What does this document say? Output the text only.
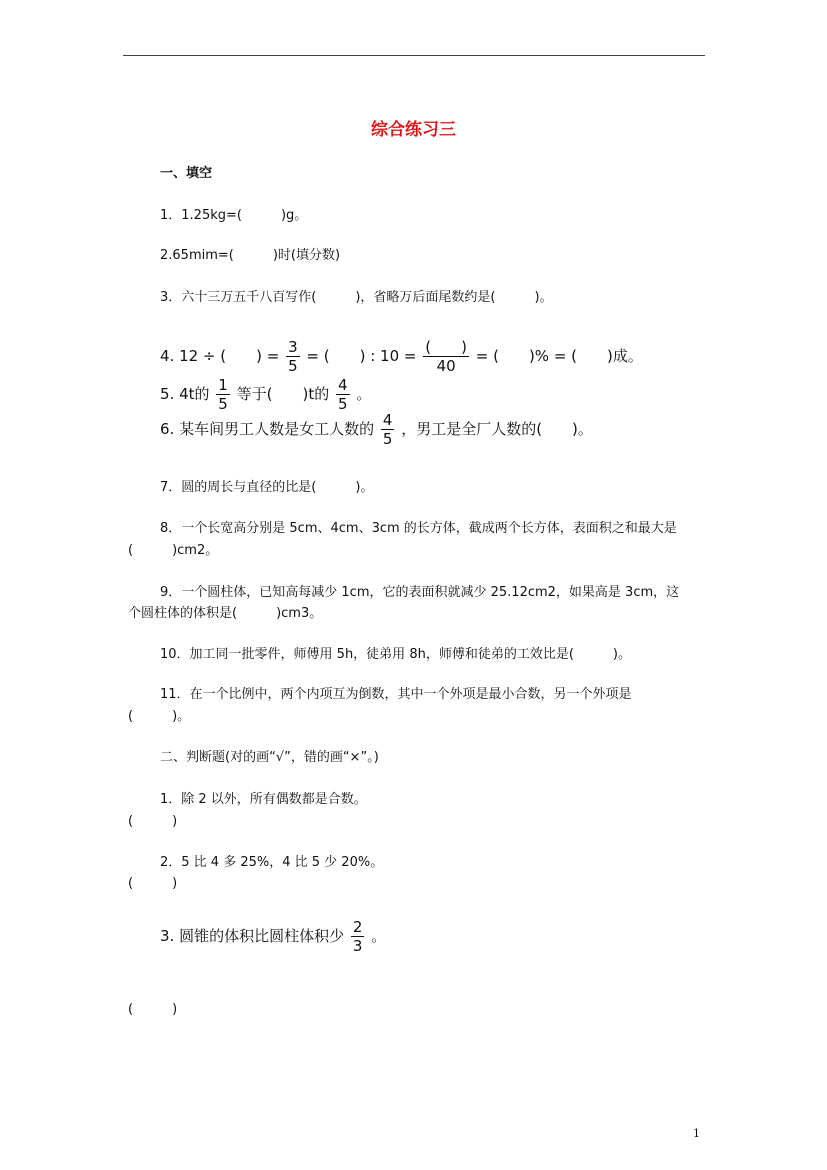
综合练习三
一、填空
1．1.25kg=(　　　)g。
2.65mim=(　　　)时(填分数)
3．六十三万五千八百写作(　　　)，省略万后面尾数约是(　　　)。
4. 12 ÷ (　　) = $\frac{3}{5}$ = (　　) : $10 = \frac{( )}{40}$ = (　　)% = (　　)成。
5. 4t的 $\frac{1}{5}$ 等于(　　)t的 $\frac{4}{5}$ 。
6. 某车间男工人数是女工人数的 $\frac{4}{5}$ ，男工是全厂人数的(　　)。
7．圆的周长与直径的比是(　　　)。
8．一个长宽高分别是 5cm、4cm、3cm 的长方体，截成两个长方体，表面积之和最大是
(　　　)cm2。
9．一个圆柱体，已知高每减少 1cm，它的表面积就减少 25.12cm2，如果高是 3cm，这
个圆柱体的体积是(　　　)cm3。
10．加工同一批零件，师傅用 5h，徒弟用 8h，师傅和徒弟的工效比是(　　　)。
11．在一个比例中，两个内项互为倒数，其中一个外项是最小合数，另一个外项是
(　　　)。
二、判断题(对的画“√”，错的画“×”。)
1．除 2 以外，所有偶数都是合数。
(　　　)
2．5 比 4 多 25%，4 比 5 少 20%。
(　　　)
3. 圆锥的体积比圆柱体积少 $\frac{2}{3}$ 。
(　　　)
1
